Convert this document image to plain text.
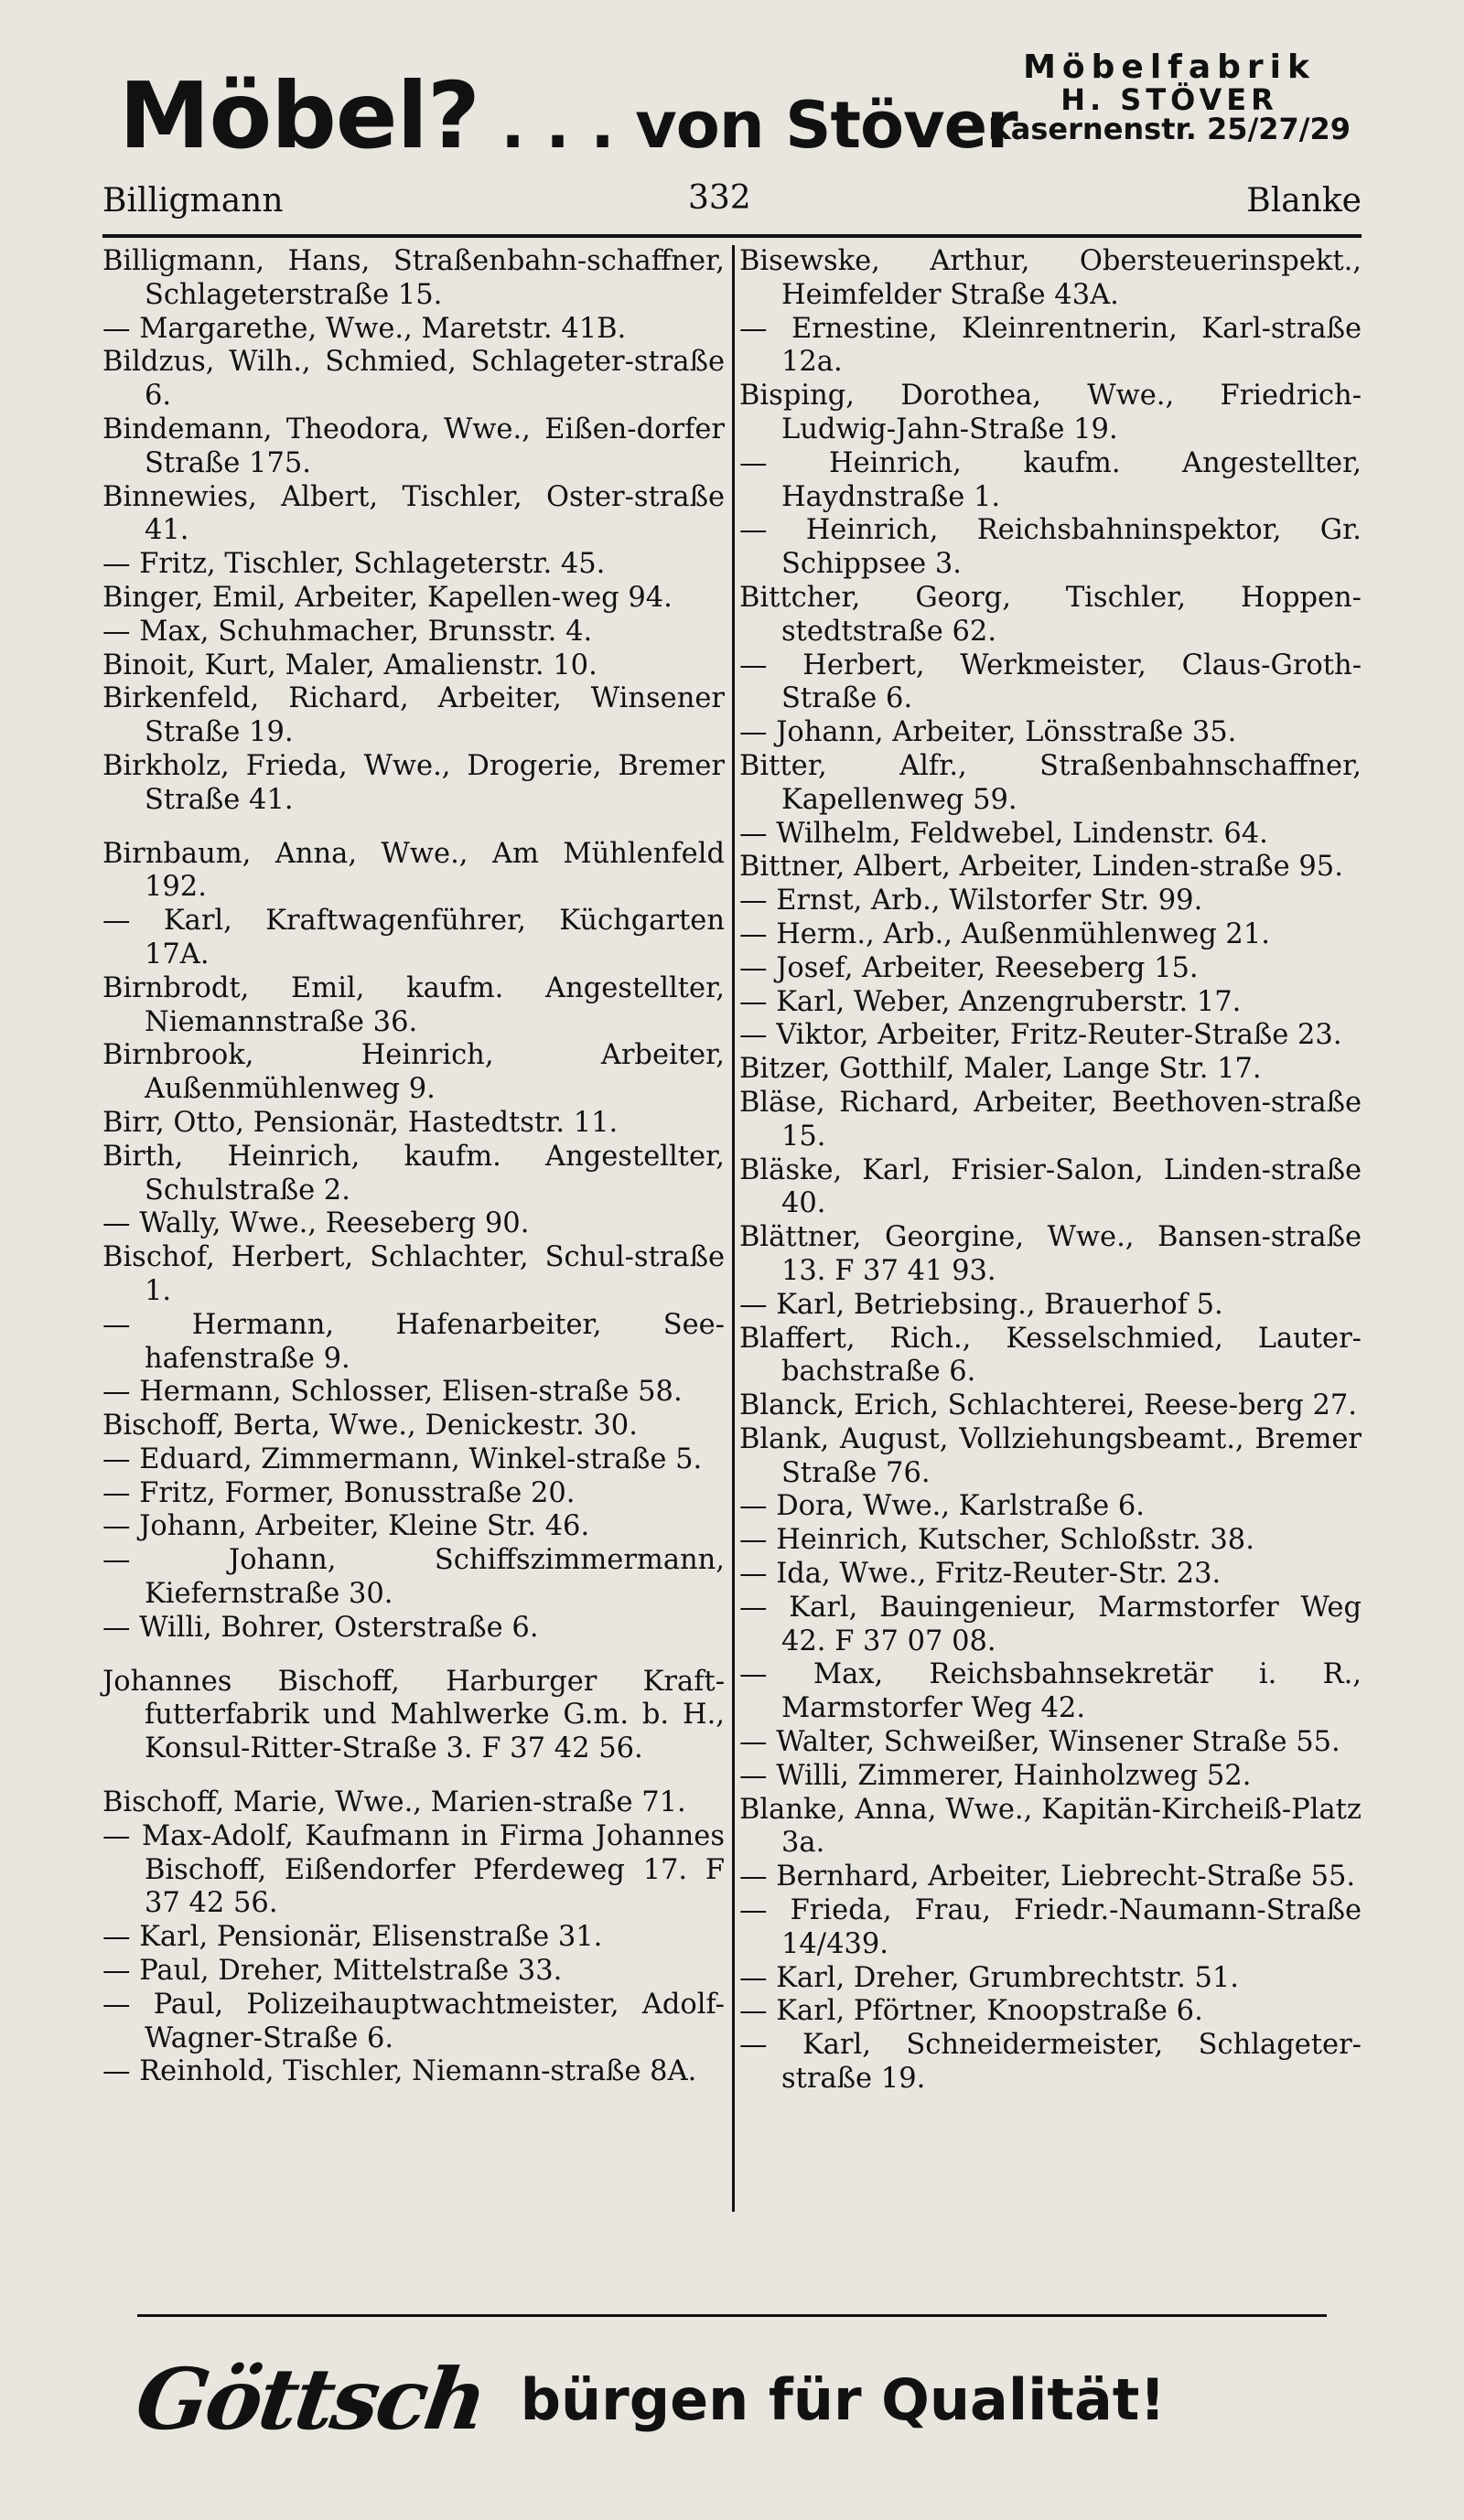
Möbel? . . . von Stöver
Möbelfabrik
H. STÖVER
Kasernenstr. 25/27/29
Billigmann	332	Blanke
Billigmann, Hans, Straßenbahn-schaffner, Schlageterstraße 15.
— Margarethe, Wwe., Maretstr. 41B.
Bildzus, Wilh., Schmied, Schlageter-straße 6.
Bindemann, Theodora, Wwe., Eißen-dorfer Straße 175.
Binnewies, Albert, Tischler, Oster-straße 41.
— Fritz, Tischler, Schlageterstr. 45.
Binger, Emil, Arbeiter, Kapellen-weg 94.
— Max, Schuhmacher, Brunsstr. 4.
Binoit, Kurt, Maler, Amalienstr. 10.
Birkenfeld, Richard, Arbeiter, Winsener Straße 19.
Birkholz, Frieda, Wwe., Drogerie, Bremer Straße 41.
Birnbaum, Anna, Wwe., Am Mühlenfeld 192.
— Karl, Kraftwagenführer, Küchgarten 17A.
Birnbrodt, Emil, kaufm. Angestellter, Niemannstraße 36.
Birnbrook, Heinrich, Arbeiter, Außenmühlenweg 9.
Birr, Otto, Pensionär, Hastedtstr. 11.
Birth, Heinrich, kaufm. Angestellter, Schulstraße 2.
— Wally, Wwe., Reeseberg 90.
Bischof, Herbert, Schlachter, Schul-straße 1.
— Hermann, Hafenarbeiter, See-hafenstraße 9.
— Hermann, Schlosser, Elisen-straße 58.
Bischoff, Berta, Wwe., Denickestr. 30.
— Eduard, Zimmermann, Winkel-straße 5.
— Fritz, Former, Bonusstraße 20.
— Johann, Arbeiter, Kleine Str. 46.
— Johann, Schiffszimmermann, Kiefernstraße 30.
— Willi, Bohrer, Osterstraße 6.
Johannes Bischoff, Harburger Kraft-futterfabrik und Mahlwerke G.m. b. H., Konsul-Ritter-Straße 3. F 37 42 56.
Bischoff, Marie, Wwe., Marien-straße 71.
— Max-Adolf, Kaufmann in Firma Johannes Bischoff, Eißendorfer Pferdeweg 17. F 37 42 56.
— Karl, Pensionär, Elisenstraße 31.
— Paul, Dreher, Mittelstraße 33.
— Paul, Polizeihauptwachtmeister, Adolf-Wagner-Straße 6.
— Reinhold, Tischler, Niemann-straße 8A.
Bisewske, Arthur, Obersteuerinspekt., Heimfelder Straße 43A.
— Ernestine, Kleinrentnerin, Karl-straße 12a.
Bisping, Dorothea, Wwe., Friedrich-Ludwig-Jahn-Straße 19.
— Heinrich, kaufm. Angestellter, Haydnstraße 1.
— Heinrich, Reichsbahninspektor, Gr. Schippsee 3.
Bittcher, Georg, Tischler, Hoppen-stedtstraße 62.
— Herbert, Werkmeister, Claus-Groth-Straße 6.
— Johann, Arbeiter, Lönsstraße 35.
Bitter, Alfr., Straßenbahnschaffner, Kapellenweg 59.
— Wilhelm, Feldwebel, Lindenstr. 64.
Bittner, Albert, Arbeiter, Linden-straße 95.
— Ernst, Arb., Wilstorfer Str. 99.
— Herm., Arb., Außenmühlenweg 21.
— Josef, Arbeiter, Reeseberg 15.
— Karl, Weber, Anzengruberstr. 17.
— Viktor, Arbeiter, Fritz-Reuter-Straße 23.
Bitzer, Gotthilf, Maler, Lange Str. 17.
Bläse, Richard, Arbeiter, Beethoven-straße 15.
Bläske, Karl, Frisier-Salon, Linden-straße 40.
Blättner, Georgine, Wwe., Bansen-straße 13. F 37 41 93.
— Karl, Betriebsing., Brauerhof 5.
Blaffert, Rich., Kesselschmied, Lauter-bachstraße 6.
Blanck, Erich, Schlachterei, Reese-berg 27.
Blank, August, Vollziehungsbeamt., Bremer Straße 76.
— Dora, Wwe., Karlstraße 6.
— Heinrich, Kutscher, Schloßstr. 38.
— Ida, Wwe., Fritz-Reuter-Str. 23.
— Karl, Bauingenieur, Marmstorfer Weg 42. F 37 07 08.
— Max, Reichsbahnsekretär i. R., Marmstorfer Weg 42.
— Walter, Schweißer, Winsener Straße 55.
— Willi, Zimmerer, Hainholzweg 52.
Blanke, Anna, Wwe., Kapitän-Kircheiß-Platz 3a.
— Bernhard, Arbeiter, Liebrecht-Straße 55.
— Frieda, Frau, Friedr.-Naumann-Straße 14/439.
— Karl, Dreher, Grumbrechtstr. 51.
— Karl, Pförtner, Knoopstraße 6.
— Karl, Schneidermeister, Schlageter-straße 19.
Göttsch bürgen für Qualität!
